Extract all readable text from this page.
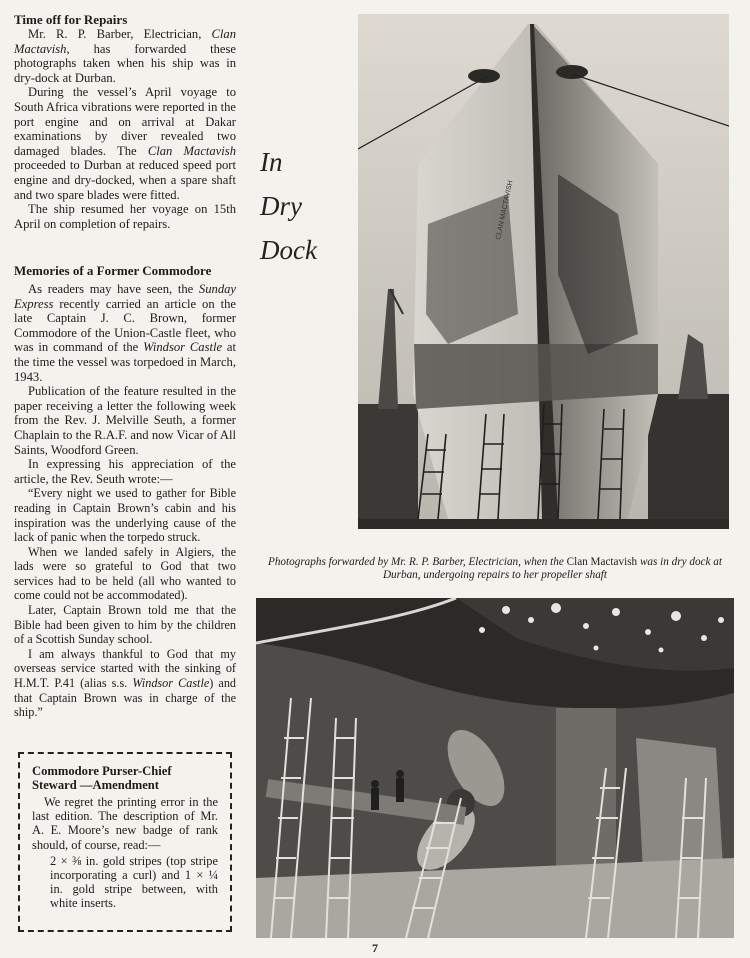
Time off for Repairs

Mr. R. P. Barber, Electrician, Clan Mactavish, has forwarded these photographs taken when his ship was in dry-dock at Durban.

During the vessel’s April voyage to South Africa vibrations were reported in the port engine and on arrival at Dakar examinations by diver revealed two damaged blades. The Clan Mactavish proceeded to Durban at reduced speed port engine and dry-docked, when a spare shaft and two spare blades were fitted.

The ship resumed her voyage on 15th April on completion of repairs.

Memories of a Former Commodore

As readers may have seen, the Sunday Express recently carried an article on the late Captain J. C. Brown, former Commodore of the Union-Castle fleet, who was in command of the Windsor Castle at the time the vessel was torpedoed in March, 1943.

Publication of the feature resulted in the paper receiving a letter the following week from the Rev. J. Melville Seuth, a former Chaplain to the R.A.F. and now Vicar of All Saints, Woodford Green.

In expressing his appreciation of the article, the Rev. Seuth wrote:—

“Every night we used to gather for Bible reading in Captain Brown’s cabin and his inspiration was the underlying cause of the lack of panic when the torpedo struck.

When we landed safely in Algiers, the lads were so grateful to God that two services had to be held (all who wanted to come could not be accommodated).

Later, Captain Brown told me that the Bible had been given to him by the children of a Scottish Sunday school.

I am always thankful to God that my overseas service started with the sinking of H.M.T. P.41 (alias s.s. Windsor Castle) and that Captain Brown was in charge of the ship.”

Commodore Purser-Chief Steward —Amendment

We regret the printing error in the last edition. The description of Mr. A. E. Moore’s new badge of rank should, of course, read:—

2 × ⅜ in. gold stripes (top stripe incorporating a curl) and 1 × ¼ in. gold stripe between, with white inserts.

In
Dry
Dock
CLAN MACTAVISH
Photographs forwarded by Mr. R. P. Barber, Electrician, when the Clan Mactavish was in dry dock at Durban, undergoing repairs to her propeller shaft
7
